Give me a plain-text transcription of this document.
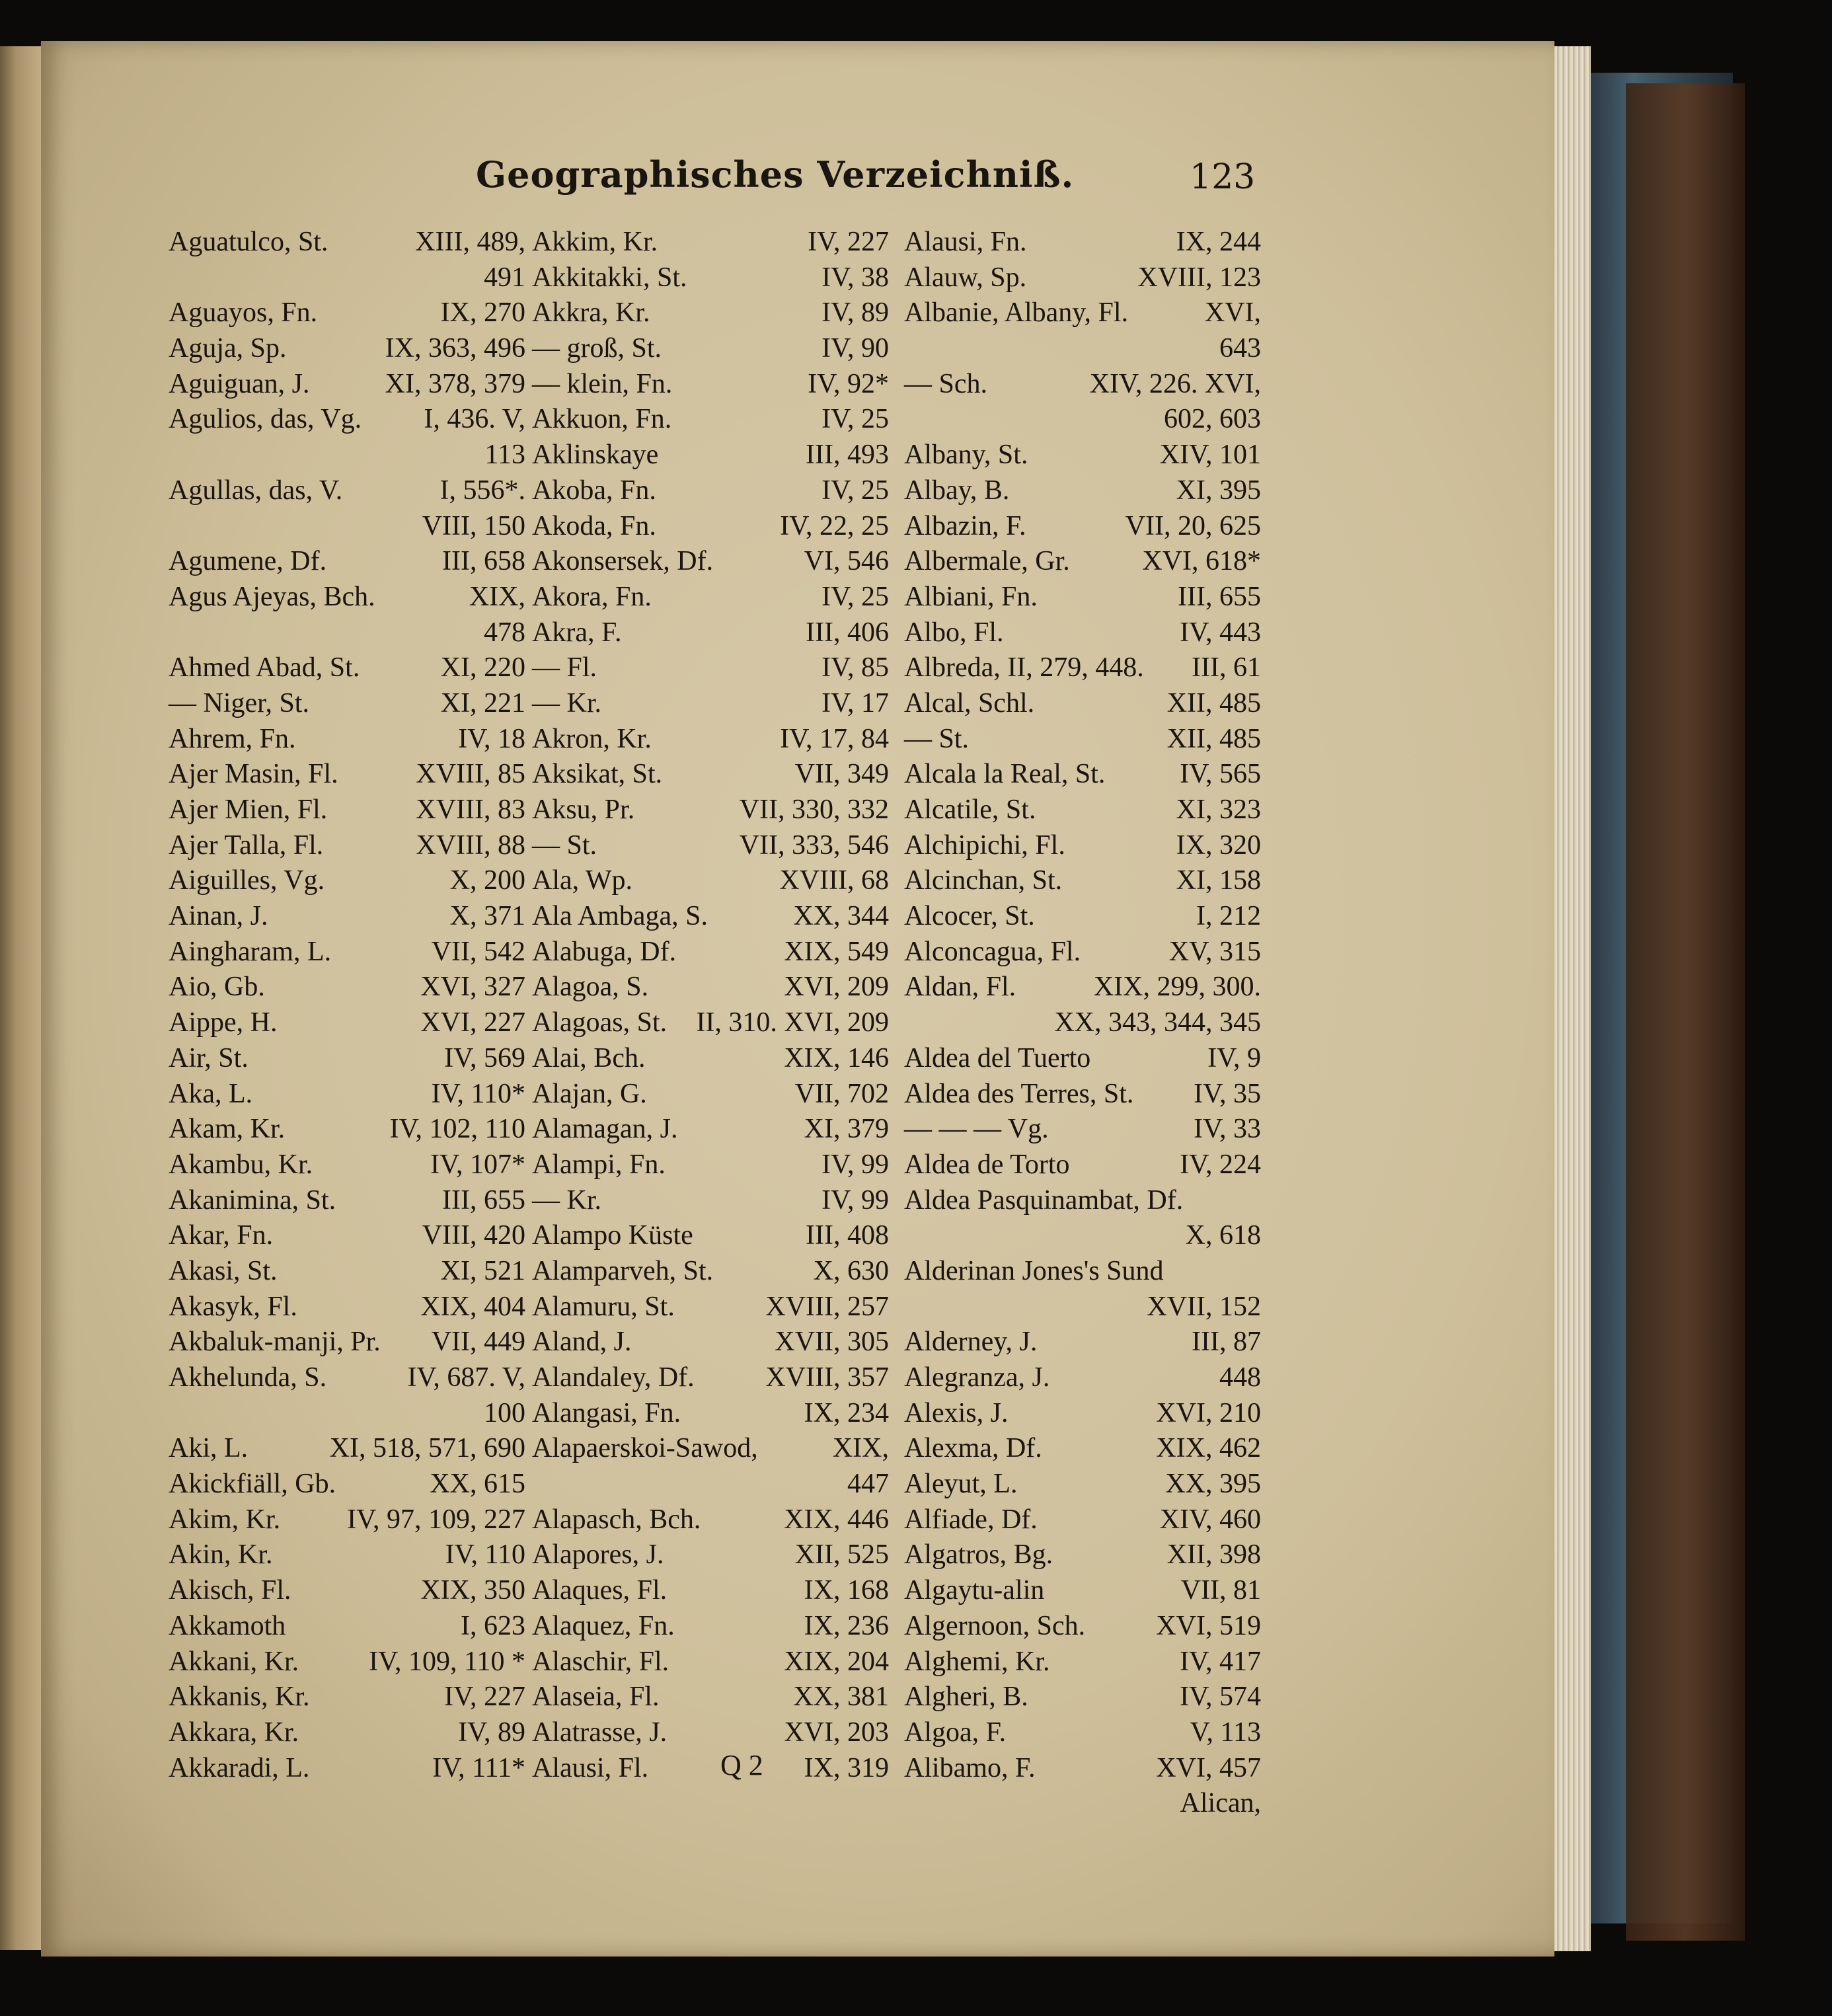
Geographisches Verzeichniß.	123
Aguatulco, St.	XIII, 489,
491
Aguayos, Fn.	IX, 270
Aguja, Sp.	IX, 363, 496
Aguiguan, J.	XI, 378, 379
Agulios, das, Vg. I, 436. V,
113
Agullas, das, V.	I, 556*.
VIII, 150
Agumene, Df.	III, 658
Agus Ajeyas, Bch.	XIX,
478
Ahmed Abad, St.	XI, 220
— Niger, St.	XI, 221
Ahrem, Fn.	IV, 18
Ajer Masin, Fl.	XVIII, 85
Ajer Mien, Fl.	XVIII, 83
Ajer Talla, Fl.	XVIII, 88
Aiguilles, Vg.	X, 200
Ainan, J.	X, 371
Aingharam, L.	VII, 542
Aio, Gb.	XVI, 327
Aippe, H.	XVI, 227
Air, St.	IV, 569
Aka, L.	IV, 110*
Akam, Kr.	IV, 102, 110
Akambu, Kr.	IV, 107*
Akanimina, St.	III, 655
Akar, Fn.	VIII, 420
Akasi, St.	XI, 521
Akasyk, Fl.	XIX, 404
Akbaluk-manji, Pr. VII, 449
Akhelunda, S.	IV, 687. V,
100
Aki, L.	XI, 518, 571, 690
Akickfiäll, Gb.	XX, 615
Akim, Kr. IV, 97, 109, 227
Akin, Kr.	IV, 110
Akisch, Fl.	XIX, 350
Akkamoth	I, 623
Akkani, Kr.	IV, 109, 110 *
Akkanis, Kr.	IV, 227
Akkara, Kr.	IV, 89
Akkaradi, L.	IV, 111*
Akkim, Kr.	IV, 227
Akkitakki, St.	IV, 38
Akkra, Kr.	IV, 89
— groß, St.	IV, 90
— klein, Fn.	IV, 92*
Akkuon, Fn.	IV, 25
Aklinskaye	III, 493
Akoba, Fn.	IV, 25
Akoda, Fn.	IV, 22, 25
Akonsersek, Df.	VI, 546
Akora, Fn.	IV, 25
Akra, F.	III, 406
— Fl.	IV, 85
— Kr.	IV, 17
Akron, Kr.	IV, 17, 84
Aksikat, St.	VII, 349
Aksu, Pr.	VII, 330, 332
— St.	VII, 333, 546
Ala, Wp.	XVIII, 68
Ala Ambaga, S.	XX, 344
Alabuga, Df.	XIX, 549
Alagoa, S.	XVI, 209
Alagoas, St. II, 310. XVI, 209
Alai, Bch.	XIX, 146
Alajan, G.	VII, 702
Alamagan, J.	XI, 379
Alampi, Fn.	IV, 99
— Kr.	IV, 99
Alampo Küste	III, 408
Alamparveh, St.	X, 630
Alamuru, St.	XVIII, 257
Aland, J.	XVII, 305
Alandaley, Df.	XVIII, 357
Alangasi, Fn.	IX, 234
Alapaerskoi-Sawod,	XIX,
447
Alapasch, Bch.	XIX, 446
Alapores, J.	XII, 525
Alaques, Fl.	IX, 168
Alaquez, Fn.	IX, 236
Alaschir, Fl.	XIX, 204
Alaseia, Fl.	XX, 381
Alatrasse, J.	XVI, 203
Alausi, Fl.	IX, 319
Alausi, Fn.	IX, 244
Alauw, Sp.	XVIII, 123
Albanie, Albany, Fl.	XVI,
643
— Sch.	XIV, 226. XVI,
602, 603
Albany, St.	XIV, 101
Albay, B.	XI, 395
Albazin, F.	VII, 20, 625
Albermale, Gr.	XVI, 618*
Albiani, Fn.	III, 655
Albo, Fl.	IV, 443
Albreda, II, 279, 448. III, 61
Alcal, Schl.	XII, 485
— St.	XII, 485
Alcala la Real, St.	IV, 565
Alcatile, St.	XI, 323
Alchipichi, Fl.	IX, 320
Alcinchan, St.	XI, 158
Alcocer, St.	I, 212
Alconcagua, Fl.	XV, 315
Aldan, Fl.	XIX, 299, 300.
XX, 343, 344, 345
Aldea del Tuerto	IV, 9
Aldea des Terres, St. IV, 35
— — — Vg.	IV, 33
Aldea de Torto	IV, 224
Aldea Pasquinambat, Df.
X, 618
Alderinan Jones's Sund
XVII, 152
Alderney, J.	III, 87
Alegranza, J.	448
Alexis, J.	XVI, 210
Alexma, Df.	XIX, 462
Aleyut, L.	XX, 395
Alfiade, Df.	XIV, 460
Algatros, Bg.	XII, 398
Algaytu-alin	VII, 81
Algernoon, Sch.	XVI, 519
Alghemi, Kr.	IV, 417
Algheri, B.	IV, 574
Algoa, F.	V, 113
Alibamo, F.	XVI, 457
Alican,
Q 2
